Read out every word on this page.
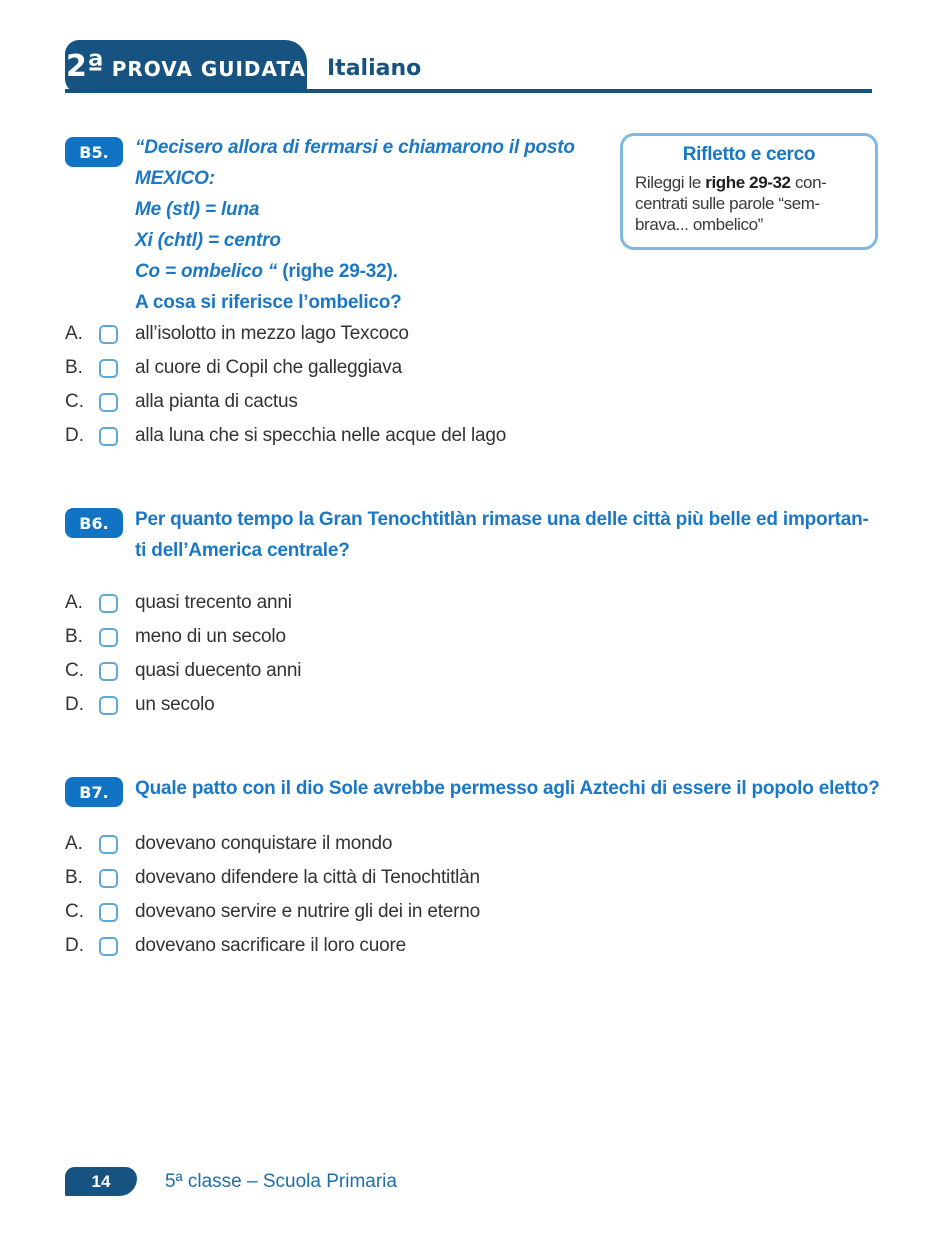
2ª PROVA GUIDATA Italiano
B5.	“Decisero allora di fermarsi e chiamarono il posto
MEXICO:
Me (stl) = luna
Xi (chtl) = centro
Co = ombelico “ (righe 29-32).
A cosa si riferisce l’ombelico?
Rifletto e cerco
Rileggi le righe 29-32 con-
centrati sulle parole “sem-
brava... ombelico”
A.	all’isolotto in mezzo lago Texcoco
B.	al cuore di Copil che galleggiava
C.	alla pianta di cactus
D.	alla luna che si specchia nelle acque del lago
B6.	Per quanto tempo la Gran Tenochtitlàn rimase una delle città più belle ed importan-
ti dell’America centrale?
A.	quasi trecento anni
B.	meno di un secolo
C.	quasi duecento anni
D.	un secolo
B7.	Quale patto con il dio Sole avrebbe permesso agli Aztechi di essere il popolo eletto?
A.	dovevano conquistare il mondo
B.	dovevano difendere la città di Tenochtitlàn
C.	dovevano servire e nutrire gli dei in eterno
D.	dovevano sacrificare il loro cuore
14	5ª classe – Scuola Primaria
